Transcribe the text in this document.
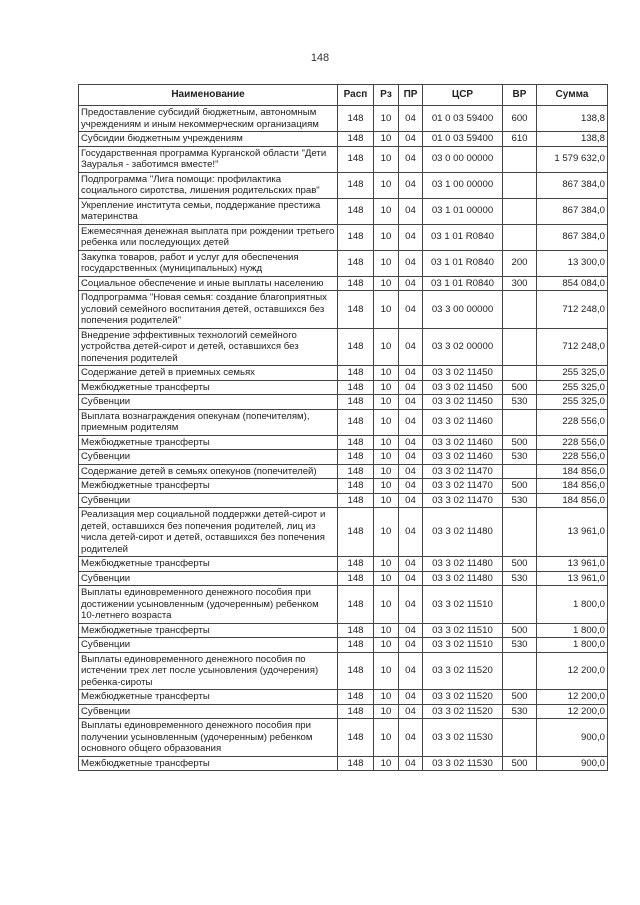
148
Наименование	Расп	Рз	ПР	ЦСР	ВР	Сумма
Предоставление субсидий бюджетным, автономным учреждениям и иным некоммерческим организациям	148	10	04	01 0 03 59400	600	138,8
Субсидии бюджетным учреждениям	148	10	04	01 0 03 59400	610	138,8
Государственная программа Курганской области "Дети Зауралья - заботимся вместе!"	148	10	04	03 0 00 00000		1 579 632,0
Подпрограмма "Лига помощи: профилактика социального сиротства, лишения родительских прав"	148	10	04	03 1 00 00000		867 384,0
Укрепление института семьи, поддержание престижа материнства	148	10	04	03 1 01 00000		867 384,0
Ежемесячная денежная выплата при рождении третьего ребенка или последующих детей	148	10	04	03 1 01 R0840		867 384,0
Закупка товаров, работ и услуг для обеспечения государственных (муниципальных) нужд	148	10	04	03 1 01 R0840	200	13 300,0
Социальное обеспечение и иные выплаты населению	148	10	04	03 1 01 R0840	300	854 084,0
Подпрограмма "Новая семья: создание благоприятных условий семейного воспитания детей, оставшихся без попечения родителей"	148	10	04	03 3 00 00000		712 248,0
Внедрение эффективных технологий семейного устройства детей-сирот и детей, оставшихся без попечения родителей	148	10	04	03 3 02 00000		712 248,0
Содержание детей в приемных семьях	148	10	04	03 3 02 11450		255 325,0
Межбюджетные трансферты	148	10	04	03 3 02 11450	500	255 325,0
Субвенции	148	10	04	03 3 02 11450	530	255 325,0
Выплата вознаграждения опекунам (попечителям), приемным родителям	148	10	04	03 3 02 11460		228 556,0
Межбюджетные трансферты	148	10	04	03 3 02 11460	500	228 556,0
Субвенции	148	10	04	03 3 02 11460	530	228 556,0
Содержание детей в семьях опекунов (попечителей)	148	10	04	03 3 02 11470		184 856,0
Межбюджетные трансферты	148	10	04	03 3 02 11470	500	184 856,0
Субвенции	148	10	04	03 3 02 11470	530	184 856,0
Реализация мер социальной поддержки детей-сирот и детей, оставшихся без попечения родителей, лиц из числа детей-сирот и детей, оставшихся без попечения родителей	148	10	04	03 3 02 11480		13 961,0
Межбюджетные трансферты	148	10	04	03 3 02 11480	500	13 961,0
Субвенции	148	10	04	03 3 02 11480	530	13 961,0
Выплаты единовременного денежного пособия при достижении усыновленным (удочеренным) ребенком 10-летнего возраста	148	10	04	03 3 02 11510		1 800,0
Межбюджетные трансферты	148	10	04	03 3 02 11510	500	1 800,0
Субвенции	148	10	04	03 3 02 11510	530	1 800,0
Выплаты единовременного денежного пособия по истечении трех лет после усыновления (удочерения) ребенка-сироты	148	10	04	03 3 02 11520		12 200,0
Межбюджетные трансферты	148	10	04	03 3 02 11520	500	12 200,0
Субвенции	148	10	04	03 3 02 11520	530	12 200,0
Выплаты единовременного денежного пособия при получении усыновленным (удочеренным) ребенком основного общего образования	148	10	04	03 3 02 11530		900,0
Межбюджетные трансферты	148	10	04	03 3 02 11530	500	900,0
